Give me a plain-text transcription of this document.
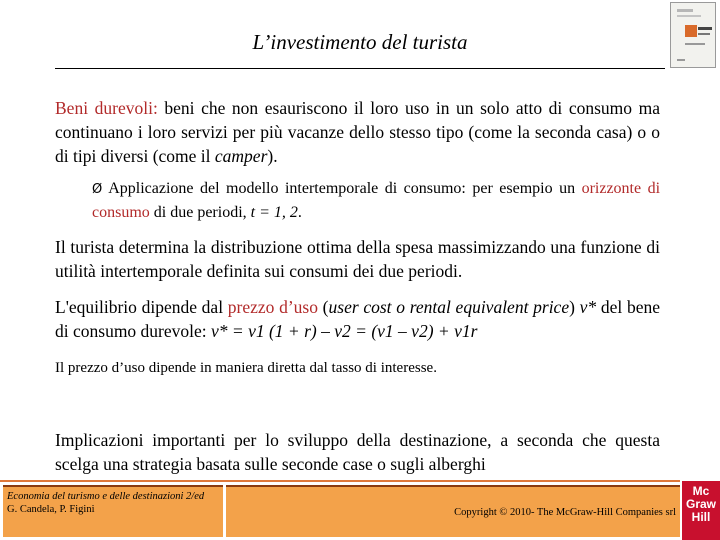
L’investimento del turista
Beni durevoli: beni che non esauriscono il loro uso in un solo atto di consumo ma continuano i loro servizi per più vacanze dello stesso tipo (come la seconda casa) o o di tipi diversi (come il camper).
Ø Applicazione del modello intertemporale di consumo: per esempio un orizzonte di consumo di due periodi, t = 1, 2.
Il turista determina la distribuzione ottima della spesa massimizzando una funzione di utilità intertemporale definita sui consumi dei due periodi.
L'equilibrio dipende dal prezzo d’uso (user cost o rental equivalent price) v* del bene di consumo durevole: v* = v1 (1 + r) – v2 = (v1 – v2) + v1r
Il prezzo d’uso dipende in maniera diretta dal tasso di interesse.
Implicazioni importanti per lo sviluppo della destinazione, a seconda che questa scelga una strategia basata sulle seconde case o sugli alberghi
Economia del turismo e delle destinazioni 2/ed
G. Candela, P. Figini	Copyright © 2010- The McGraw-Hill Companies srl
Mc
Graw
Hill
